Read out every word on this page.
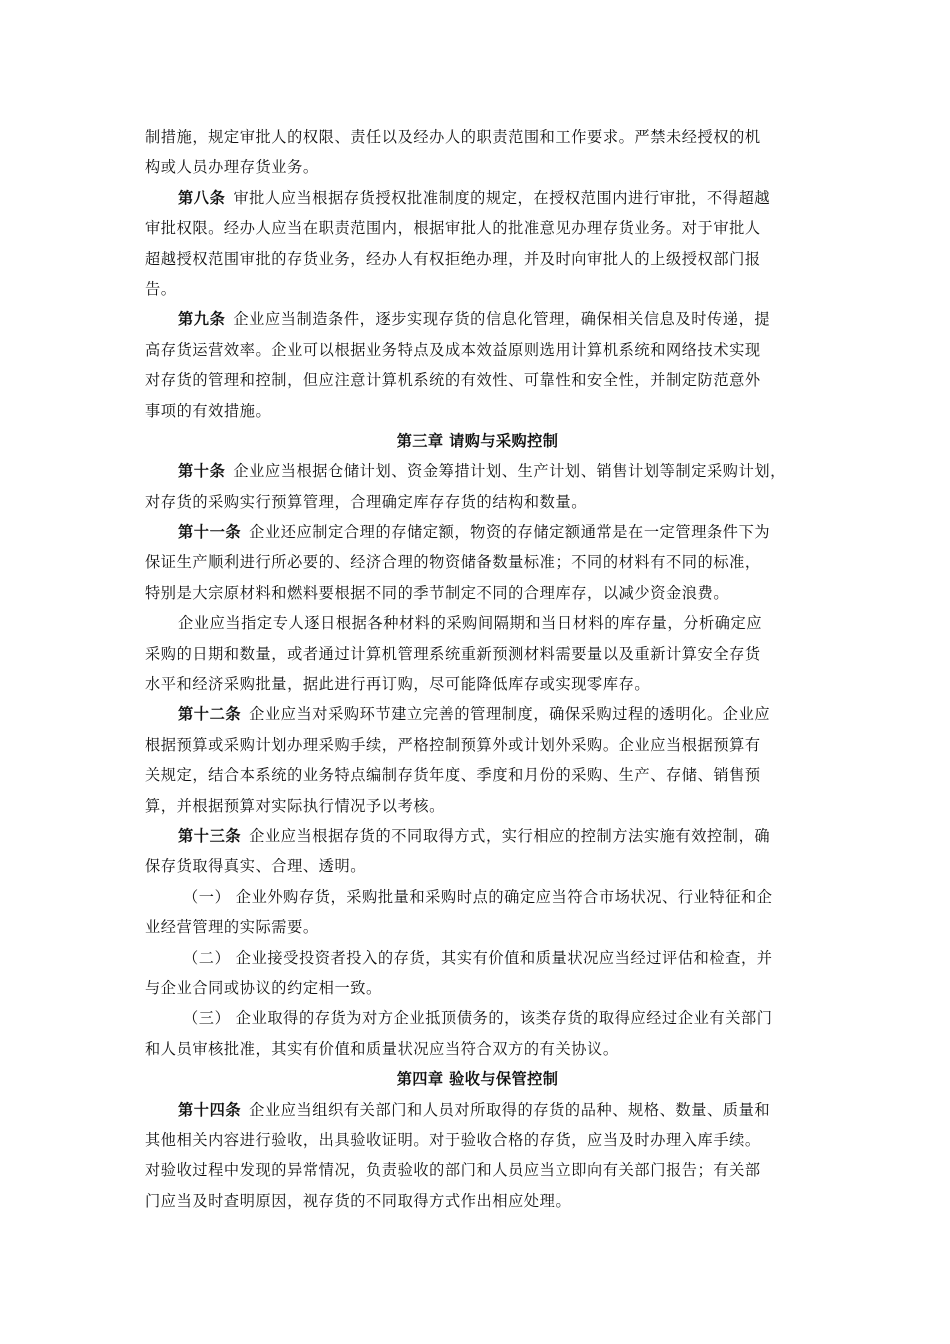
制措施，规定审批人的权限、责任以及经办人的职责范围和工作要求。严禁未经授权的机
构或人员办理存货业务。
第八条 审批人应当根据存货授权批准制度的规定，在授权范围内进行审批，不得超越
审批权限。经办人应当在职责范围内，根据审批人的批准意见办理存货业务。对于审批人
超越授权范围审批的存货业务，经办人有权拒绝办理，并及时向审批人的上级授权部门报
告。
第九条 企业应当制造条件，逐步实现存货的信息化管理，确保相关信息及时传递，提
高存货运营效率。企业可以根据业务特点及成本效益原则选用计算机系统和网络技术实现
对存货的管理和控制，但应注意计算机系统的有效性、可靠性和安全性，并制定防范意外
事项的有效措施。
第三章 请购与采购控制
第十条 企业应当根据仓储计划、资金筹措计划、生产计划、销售计划等制定采购计划，
对存货的采购实行预算管理，合理确定库存存货的结构和数量。
第十一条 企业还应制定合理的存储定额，物资的存储定额通常是在一定管理条件下为
保证生产顺利进行所必要的、经济合理的物资储备数量标准；不同的材料有不同的标准，
特别是大宗原材料和燃料要根据不同的季节制定不同的合理库存，以减少资金浪费。
企业应当指定专人逐日根据各种材料的采购间隔期和当日材料的库存量，分析确定应
采购的日期和数量，或者通过计算机管理系统重新预测材料需要量以及重新计算安全存货
水平和经济采购批量，据此进行再订购，尽可能降低库存或实现零库存。
第十二条 企业应当对采购环节建立完善的管理制度，确保采购过程的透明化。企业应
根据预算或采购计划办理采购手续，严格控制预算外或计划外采购。企业应当根据预算有
关规定，结合本系统的业务特点编制存货年度、季度和月份的采购、生产、存储、销售预
算，并根据预算对实际执行情况予以考核。
第十三条 企业应当根据存货的不同取得方式，实行相应的控制方法实施有效控制，确
保存货取得真实、合理、透明。
（一） 企业外购存货，采购批量和采购时点的确定应当符合市场状况、行业特征和企
业经营管理的实际需要。
（二） 企业接受投资者投入的存货，其实有价值和质量状况应当经过评估和检查，并
与企业合同或协议的约定相一致。
（三） 企业取得的存货为对方企业抵顶债务的，该类存货的取得应经过企业有关部门
和人员审核批准，其实有价值和质量状况应当符合双方的有关协议。
第四章 验收与保管控制
第十四条 企业应当组织有关部门和人员对所取得的存货的品种、规格、数量、质量和
其他相关内容进行验收，出具验收证明。对于验收合格的存货，应当及时办理入库手续。
对验收过程中发现的异常情况，负责验收的部门和人员应当立即向有关部门报告；有关部
门应当及时查明原因，视存货的不同取得方式作出相应处理。
